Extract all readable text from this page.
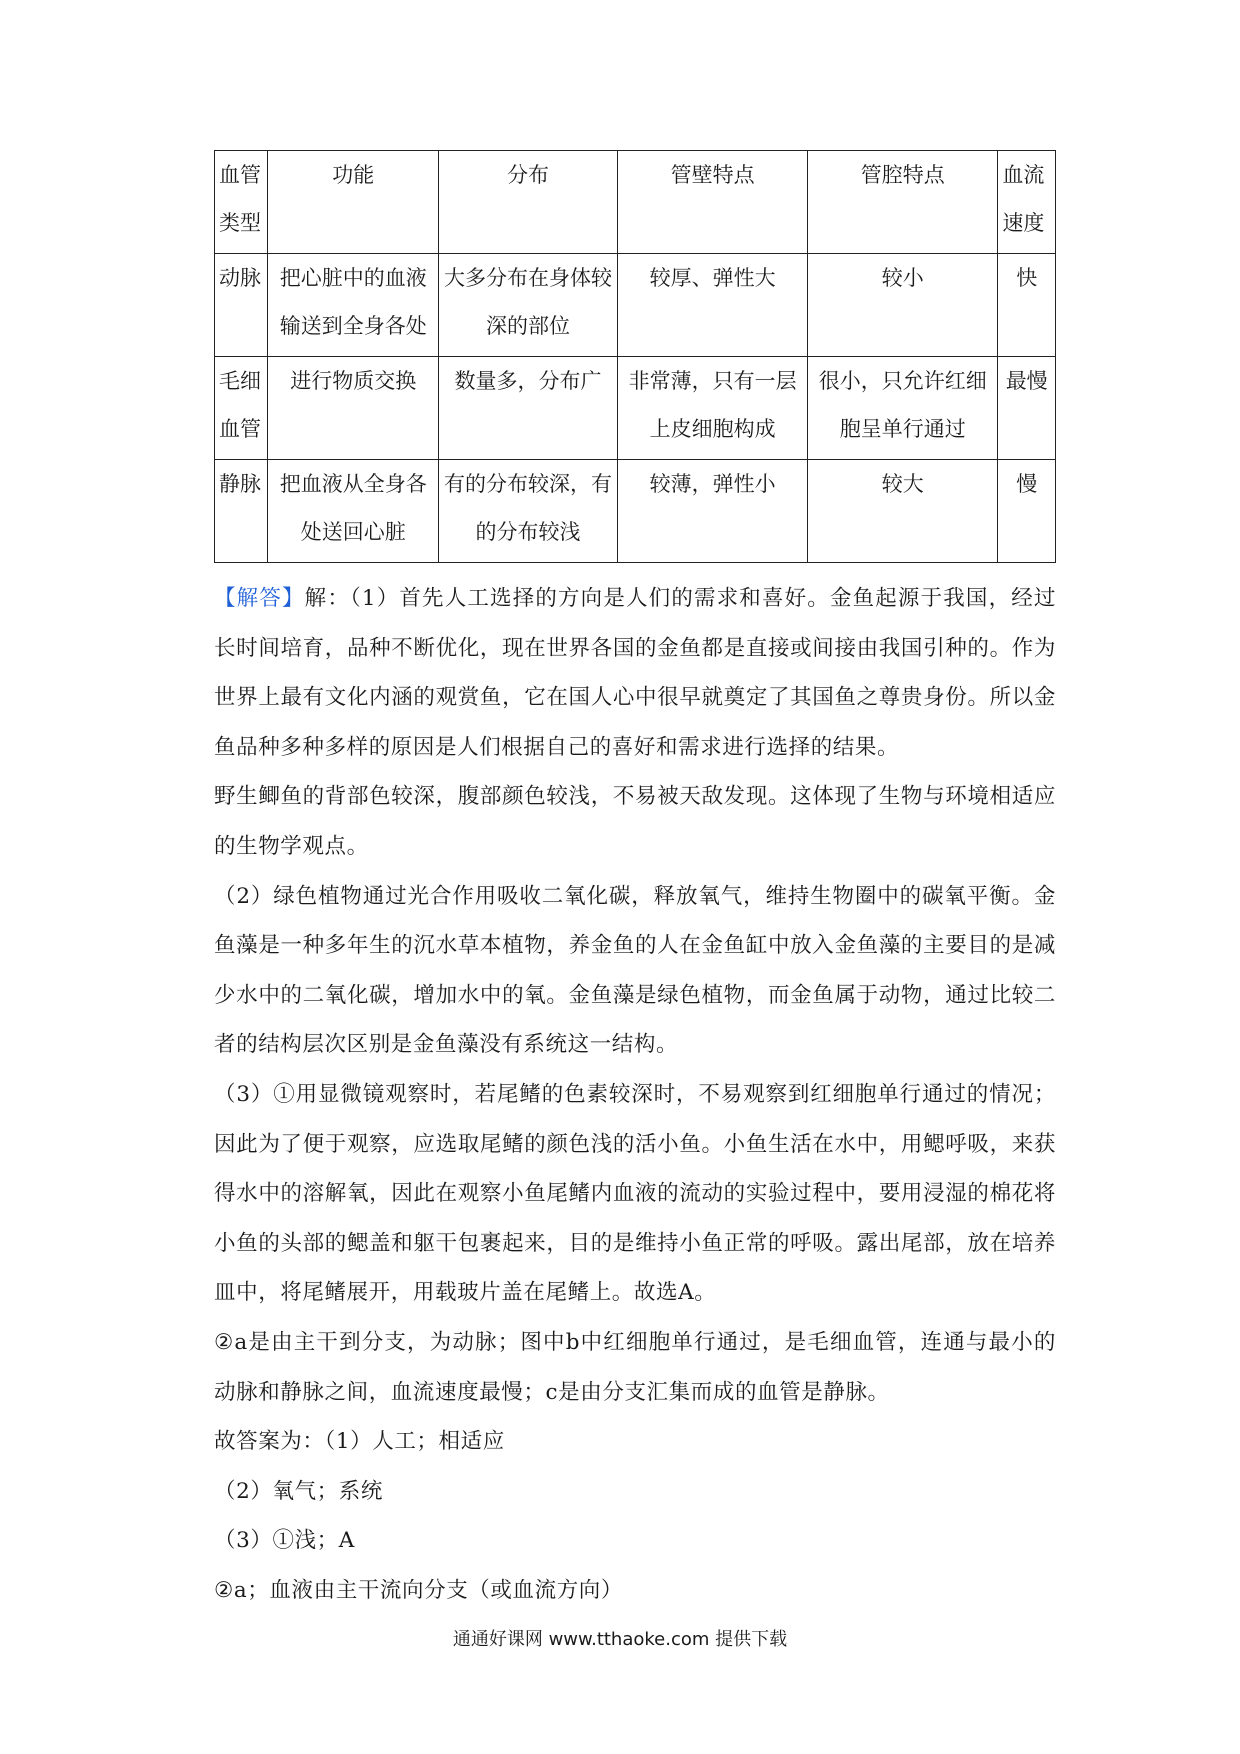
血管类型	功能	分布	管壁特点	管腔特点	血流速度
动脉	把心脏中的血液输送到全身各处	大多分布在身体较深的部位	较厚、弹性大	较小	快
毛细血管	进行物质交换	数量多，分布广	非常薄，只有一层上皮细胞构成	很小，只允许红细胞呈单行通过	最慢
静脉	把血液从全身各处送回心脏	有的分布较深，有的分布较浅	较薄，弹性小	较大	慢

【解答】解：（1）首先人工选择的方向是人们的需求和喜好。金鱼起源于我国，经过长时间培育，品种不断优化，现在世界各国的金鱼都是直接或间接由我国引种的。作为世界上最有文化内涵的观赏鱼，它在国人心中很早就奠定了其国鱼之尊贵身份。所以金鱼品种多种多样的原因是人们根据自己的喜好和需求进行选择的结果。

野生鲫鱼的背部色较深，腹部颜色较浅，不易被天敌发现。这体现了生物与环境相适应的生物学观点。

（2）绿色植物通过光合作用吸收二氧化碳，释放氧气，维持生物圈中的碳氧平衡。金鱼藻是一种多年生的沉水草本植物，养金鱼的人在金鱼缸中放入金鱼藻的主要目的是减少水中的二氧化碳，增加水中的氧。金鱼藻是绿色植物，而金鱼属于动物，通过比较二者的结构层次区别是金鱼藻没有系统这一结构。

（3）①用显微镜观察时，若尾鳍的色素较深时，不易观察到红细胞单行通过的情况；因此为了便于观察，应选取尾鳍的颜色浅的活小鱼。小鱼生活在水中，用鳃呼吸，来获得水中的溶解氧，因此在观察小鱼尾鳍内血液的流动的实验过程中，要用浸湿的棉花将小鱼的头部的鳃盖和躯干包裹起来，目的是维持小鱼正常的呼吸。露出尾部，放在培养皿中，将尾鳍展开，用载玻片盖在尾鳍上。故选A。

②a是由主干到分支，为动脉；图中b中红细胞单行通过，是毛细血管，连通与最小的动脉和静脉之间，血流速度最慢；c是由分支汇集而成的血管是静脉。

故答案为：（1）人工；相适应

（2）氧气；系统

（3）①浅；A

②a；血液由主干流向分支（或血流方向）

通通好课网 www.tthaoke.com 提供下载
